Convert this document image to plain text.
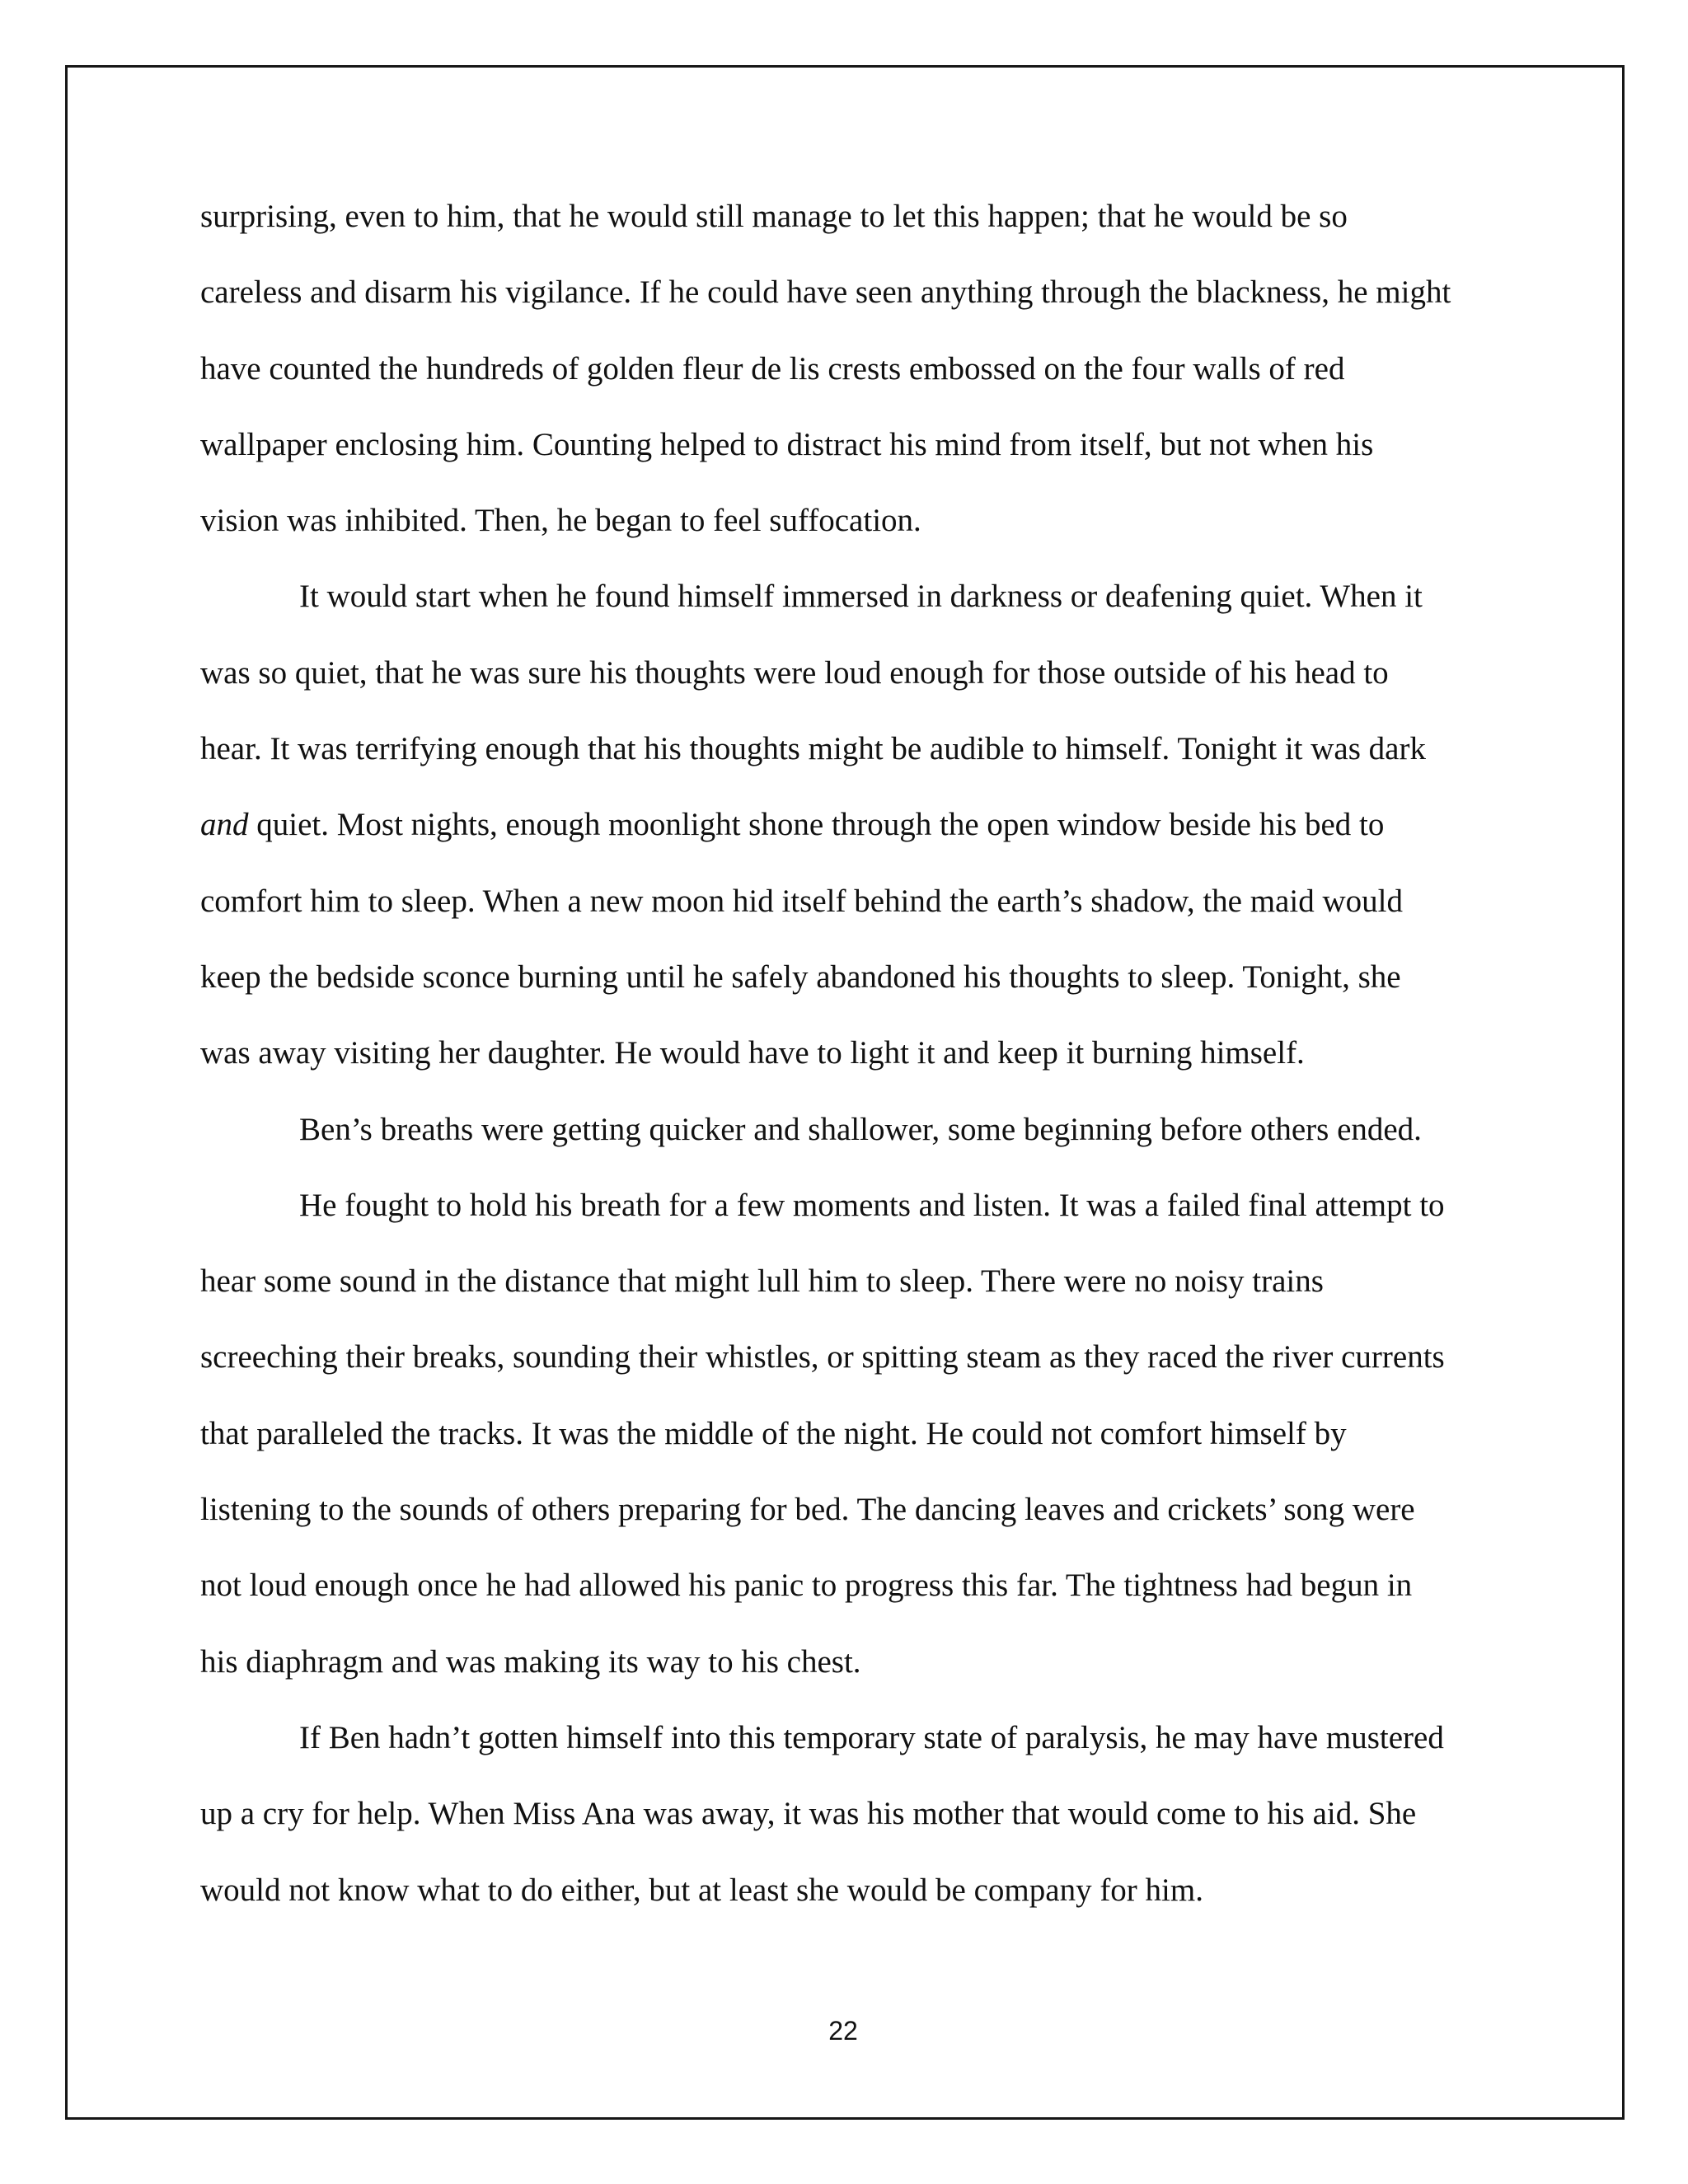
surprising, even to him, that he would still manage to let this happen; that he would be so
careless and disarm his vigilance. If he could have seen anything through the blackness, he might
have counted the hundreds of golden fleur de lis crests embossed on the four walls of red
wallpaper enclosing him. Counting helped to distract his mind from itself, but not when his
vision was inhibited. Then, he began to feel suffocation.
It would start when he found himself immersed in darkness or deafening quiet. When it
was so quiet, that he was sure his thoughts were loud enough for those outside of his head to
hear. It was terrifying enough that his thoughts might be audible to himself. Tonight it was dark
and quiet. Most nights, enough moonlight shone through the open window beside his bed to
comfort him to sleep. When a new moon hid itself behind the earth’s shadow, the maid would
keep the bedside sconce burning until he safely abandoned his thoughts to sleep. Tonight, she
was away visiting her daughter. He would have to light it and keep it burning himself.
Ben’s breaths were getting quicker and shallower, some beginning before others ended.
He fought to hold his breath for a few moments and listen. It was a failed final attempt to
hear some sound in the distance that might lull him to sleep. There were no noisy trains
screeching their breaks, sounding their whistles, or spitting steam as they raced the river currents
that paralleled the tracks. It was the middle of the night. He could not comfort himself by
listening to the sounds of others preparing for bed. The dancing leaves and crickets’ song were
not loud enough once he had allowed his panic to progress this far. The tightness had begun in
his diaphragm and was making its way to his chest.
If Ben hadn’t gotten himself into this temporary state of paralysis, he may have mustered
up a cry for help. When Miss Ana was away, it was his mother that would come to his aid. She
would not know what to do either, but at least she would be company for him.
22
